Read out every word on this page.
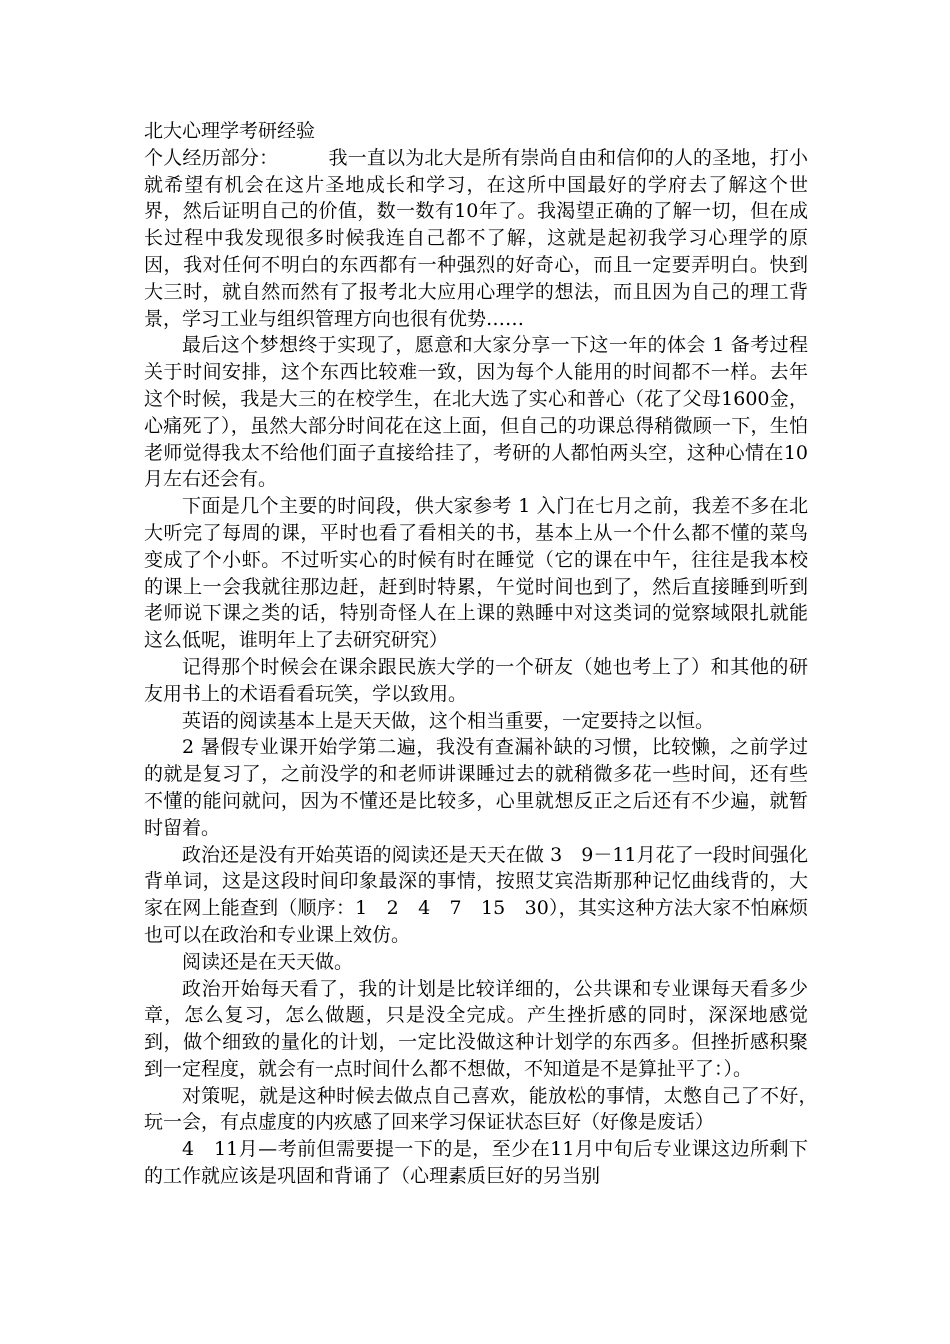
北大心理学考研经验

个人经历部分：	我一直以为北大是所有崇尚自由和信仰的人的圣地，打小就希望有机会在这片圣地成长和学习，在这所中国最好的学府去了解这个世界，然后证明自己的价值，数一数有10年了。我渴望正确的了解一切，但在成长过程中我发现很多时候我连自己都不了解，这就是起初我学习心理学的原因，我对任何不明白的东西都有一种强烈的好奇心，而且一定要弄明白。快到大三时，就自然而然有了报考北大应用心理学的想法，而且因为自己的理工背景，学习工业与组织管理方向也很有优势……

最后这个梦想终于实现了，愿意和大家分享一下这一年的体会 1 备考过程关于时间安排，这个东西比较难一致，因为每个人能用的时间都不一样。去年这个时候，我是大三的在校学生，在北大选了实心和普心（花了父母1600金，心痛死了），虽然大部分时间花在这上面，但自己的功课总得稍微顾一下，生怕老师觉得我太不给他们面子直接给挂了，考研的人都怕两头空，这种心情在10月左右还会有。

下面是几个主要的时间段，供大家参考 1 入门在七月之前，我差不多在北大听完了每周的课，平时也看了看相关的书，基本上从一个什么都不懂的菜鸟变成了个小虾。不过听实心的时候有时在睡觉（它的课在中午，往往是我本校的课上一会我就往那边赶，赶到时特累，午觉时间也到了，然后直接睡到听到老师说下课之类的话，特别奇怪人在上课的熟睡中对这类词的觉察域限扎就能这么低呢，谁明年上了去研究研究）

记得那个时候会在课余跟民族大学的一个研友（她也考上了）和其他的研友用书上的术语看看玩笑，学以致用。

英语的阅读基本上是天天做，这个相当重要，一定要持之以恒。

2 暑假专业课开始学第二遍，我没有查漏补缺的习惯，比较懒，之前学过的就是复习了，之前没学的和老师讲课睡过去的就稍微多花一些时间，还有些不懂的能问就问，因为不懂还是比较多，心里就想反正之后还有不少遍，就暂时留着。

政治还是没有开始英语的阅读还是天天在做 3　9－11月花了一段时间强化背单词，这是这段时间印象最深的事情，按照艾宾浩斯那种记忆曲线背的，大家在网上能查到（顺序：1　2　4　7　15　30），其实这种方法大家不怕麻烦也可以在政治和专业课上效仿。

阅读还是在天天做。

政治开始每天看了，我的计划是比较详细的，公共课和专业课每天看多少章，怎么复习，怎么做题，只是没全完成。产生挫折感的同时，深深地感觉到，做个细致的量化的计划，一定比没做这种计划学的东西多。但挫折感积聚到一定程度，就会有一点时间什么都不想做，不知道是不是算扯平了：）。

对策呢，就是这种时候去做点自己喜欢，能放松的事情，太憋自己了不好，　玩一会，有点虚度的内疚感了回来学习保证状态巨好（好像是废话）

4　11月—考前但需要提一下的是，至少在11月中旬后专业课这边所剩下的工作就应该是巩固和背诵了（心理素质巨好的另当别
